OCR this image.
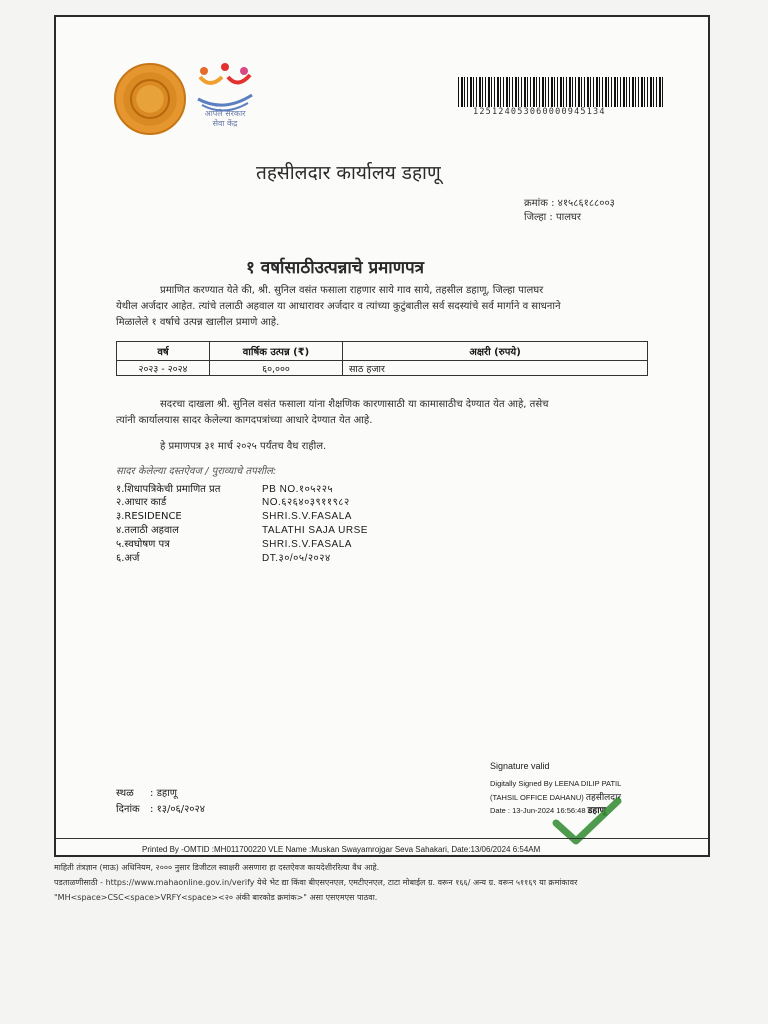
आपले सरकार
सेवा केंद्र
125124053060000945134
तहसीलदार कार्यालय डहाणू
क्रमांक : ४१५८६१८८००३
जिल्हा : पालघर
१ वर्षासाठीउत्पन्नाचे प्रमाणपत्र
प्रमाणित करण्यात येते की, श्री. सुनिल वसंत फसाला राहणार साये गाव साये, तहसील डहाणू, जिल्हा पालघर
येथील अर्जदार आहेत. त्यांचे तलाठी अहवाल या आधारावर अर्जदार व त्यांच्या कुटुंबातील सर्व सदस्यांचे सर्व मार्गाने व साधनाने
मिळालेले १ वर्षाचे उत्पन्न खालील प्रमाणे आहे.
वर्ष	वार्षिक उत्पन्न (₹)	अक्षरी (रुपये)
२०२३ - २०२४	६०,०००	साठ हजार
सदरचा दाखला श्री. सुनिल वसंत फसाला यांना शैक्षणिक कारणासाठी या कामासाठीच देण्यात येत आहे, तसेच
त्यांनी कार्यालयास सादर केलेल्या कागदपत्रांच्या आधारे देण्यात येत आहे.
हे प्रमाणपत्र ३१ मार्च २०२५ पर्यंतच वैध राहील.
सादर केलेल्या दस्तऐवज / पुराव्याचे तपशील:
१.शिधापत्रिकेची प्रमाणित प्रत	PB NO.१०५२२५
२.आधार कार्ड	NO.६२६४०३९११९८२
३.RESIDENCE	SHRI.S.V.FASALA
४.तलाठी अहवाल	TALATHI SAJA URSE
५.स्वघोषण पत्र	SHRI.S.V.FASALA
६.अर्ज	DT.३०/०५/२०२४
स्थळ : डहाणू
दिनांक : १३/०६/२०२४
Signature valid
Digitally Signed By LEENA DILIP PATIL
(TAHSIL OFFICE DAHANU) तहसीलदार
Date : 13-Jun-2024 16:56:48 डहाणू
Printed By -OMTID :MH011700220 VLE Name :Muskan Swayamrojgar Seva Sahakari, Date:13/06/2024 6:54AM
माहिती तंत्रज्ञान (माऊ) अधिनियम, २००० नुसार डिजीटल स्वाक्षरी असणारा हा दस्तऐवज कायदेशीररित्या वैध आहे.
पडताळणीसाठी - https://www.mahaonline.gov.in/verify येथे भेट द्या किंवा बीएसएनएल, एमटीएनएल, टाटा मोबाईल ग्र. वरून १६६/ अन्य ग्र. वरून ५११६९ या क्रमांकावर
"MH<space>CSC<space>VRFY<space><२० अंकी बारकोड क्रमांक>" असा एसएमएस पाठवा.
